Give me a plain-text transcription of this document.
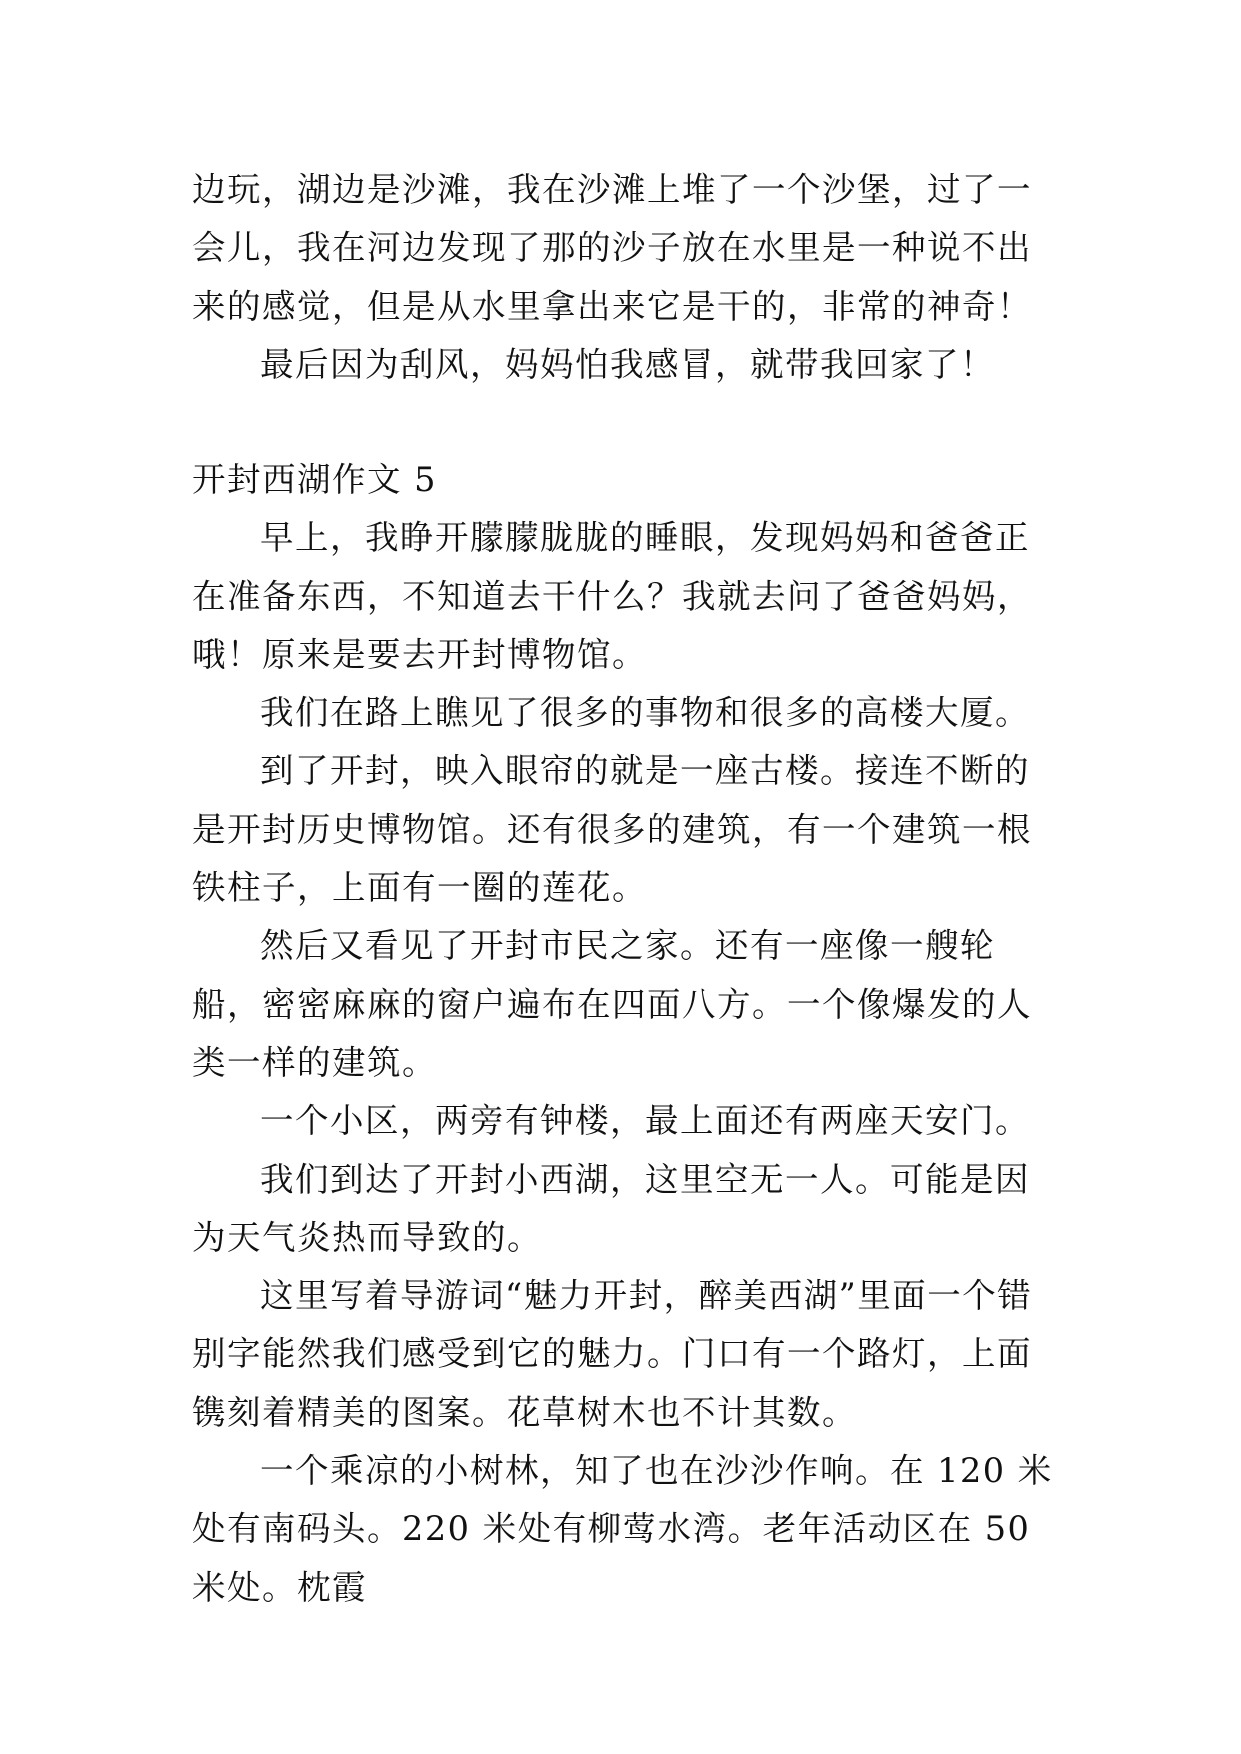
边玩，湖边是沙滩，我在沙滩上堆了一个沙堡，过了一会儿，我在河边发现了那的沙子放在水里是一种说不出来的感觉，但是从水里拿出来它是干的，非常的神奇！

最后因为刮风，妈妈怕我感冒，就带我回家了！

开封西湖作文 5

早上，我睁开朦朦胧胧的睡眼，发现妈妈和爸爸正在准备东西，不知道去干什么？我就去问了爸爸妈妈，哦！原来是要去开封博物馆。

我们在路上瞧见了很多的事物和很多的高楼大厦。

到了开封，映入眼帘的就是一座古楼。接连不断的是开封历史博物馆。还有很多的建筑，有一个建筑一根铁柱子，上面有一圈的莲花。

然后又看见了开封市民之家。还有一座像一艘轮船，密密麻麻的窗户遍布在四面八方。一个像爆发的人类一样的建筑。

一个小区，两旁有钟楼，最上面还有两座天安门。

我们到达了开封小西湖，这里空无一人。可能是因为天气炎热而导致的。

这里写着导游词“魅力开封，醉美西湖”里面一个错别字能然我们感受到它的魅力。门口有一个路灯，上面镌刻着精美的图案。花草树木也不计其数。

一个乘凉的小树林，知了也在沙沙作响。在 120 米处有南码头。220 米处有柳莺水湾。老年活动区在 50 米处。枕霞
